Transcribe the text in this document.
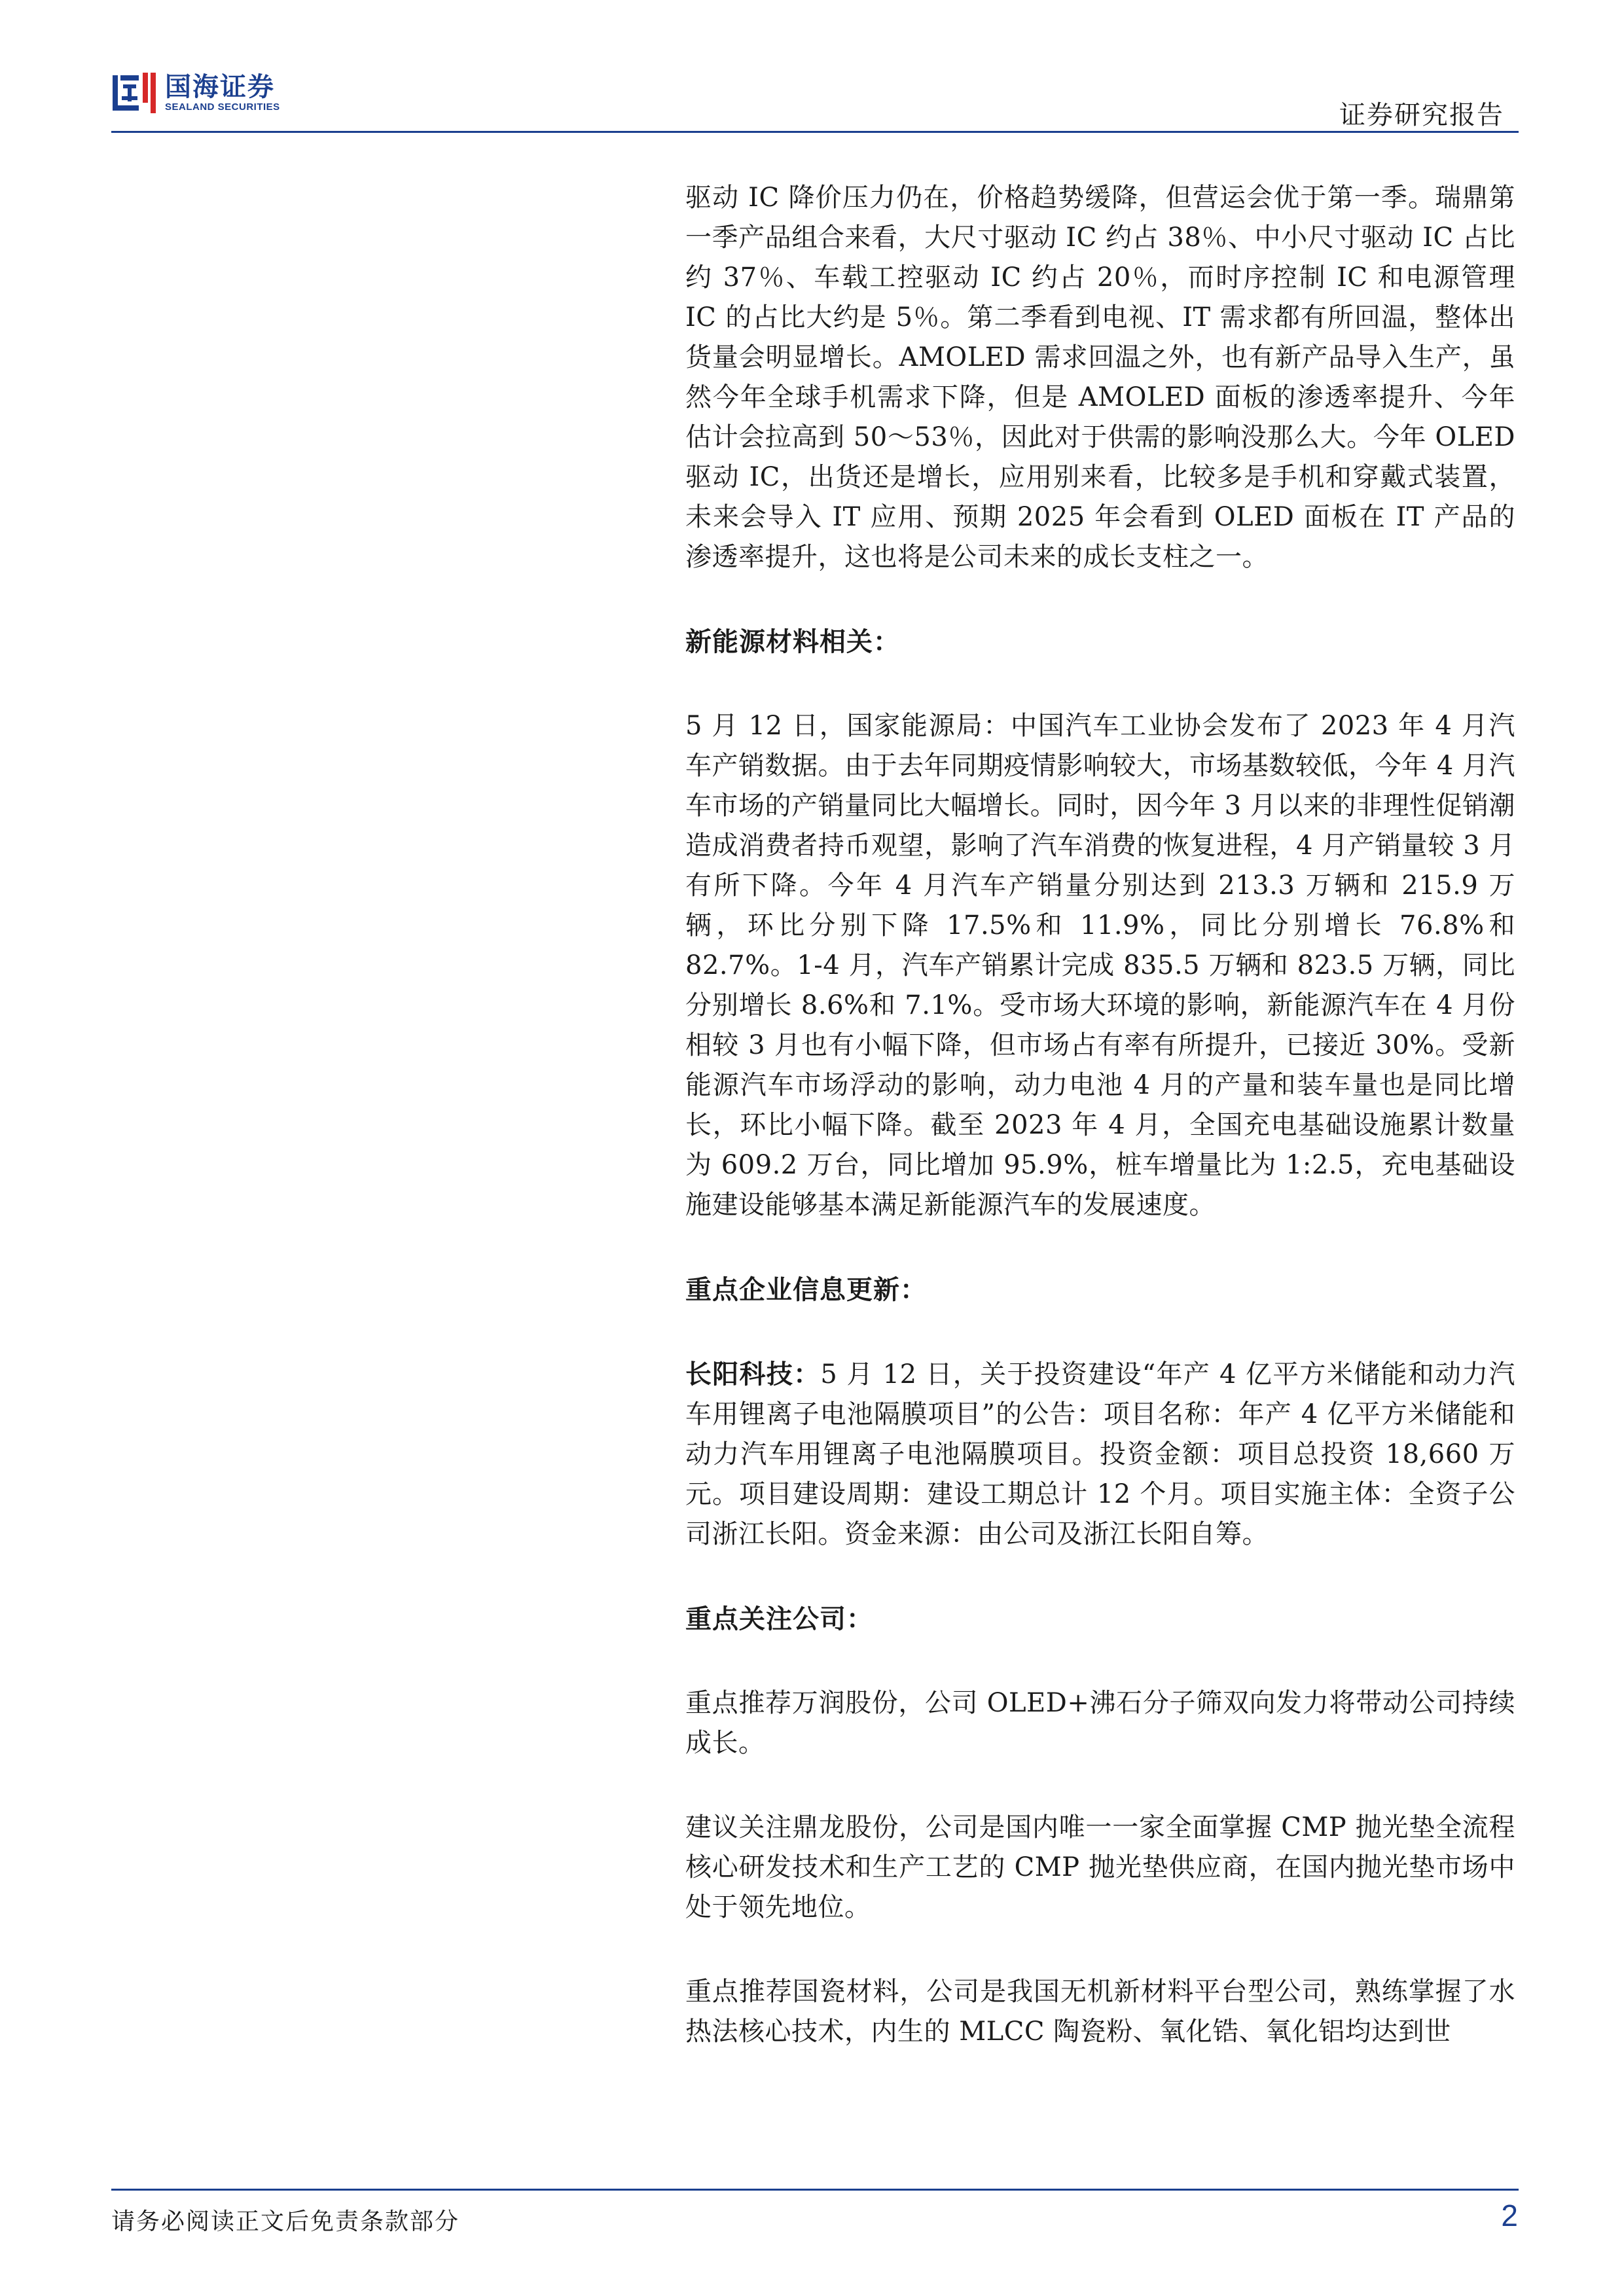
国海证券
SEALAND SECURITIES	证券研究报告

驱动 IC 降价压力仍在，价格趋势缓降，但营运会优于第一季。瑞鼎第一季产品组合来看，大尺寸驱动 IC 约占 38％、中小尺寸驱动 IC 占比约 37％、车载工控驱动 IC 约占 20％，而时序控制 IC 和电源管理 IC 的占比大约是 5％。第二季看到电视、IT 需求都有所回温，整体出货量会明显增长。AMOLED 需求回温之外，也有新产品导入生产，虽然今年全球手机需求下降，但是 AMOLED 面板的渗透率提升、今年估计会拉高到 50～53％，因此对于供需的影响没那么大。今年 OLED 驱动 IC，出货还是增长，应用别来看，比较多是手机和穿戴式装置，未来会导入 IT 应用、预期 2025 年会看到 OLED 面板在 IT 产品的渗透率提升，这也将是公司未来的成长支柱之一。

新能源材料相关：

5 月 12 日，国家能源局：中国汽车工业协会发布了 2023 年 4 月汽车产销数据。由于去年同期疫情影响较大，市场基数较低，今年 4 月汽车市场的产销量同比大幅增长。同时，因今年 3 月以来的非理性促销潮造成消费者持币观望，影响了汽车消费的恢复进程，4 月产销量较 3 月有所下降。今年 4 月汽车产销量分别达到 213.3 万辆和 215.9 万辆，环比分别下降 17.5%和 11.9%，同比分别增长 76.8%和 82.7%。1-4 月，汽车产销累计完成 835.5 万辆和 823.5 万辆，同比分别增长 8.6%和 7.1%。受市场大环境的影响，新能源汽车在 4 月份相较 3 月也有小幅下降，但市场占有率有所提升，已接近 30%。受新能源汽车市场浮动的影响，动力电池 4 月的产量和装车量也是同比增长，环比小幅下降。截至 2023 年 4 月，全国充电基础设施累计数量为 609.2 万台，同比增加 95.9%，桩车增量比为 1:2.5，充电基础设施建设能够基本满足新能源汽车的发展速度。

重点企业信息更新：

长阳科技：5 月 12 日，关于投资建设“年产 4 亿平方米储能和动力汽车用锂离子电池隔膜项目”的公告：项目名称：年产 4 亿平方米储能和动力汽车用锂离子电池隔膜项目。投资金额：项目总投资 18,660 万元。项目建设周期：建设工期总计 12 个月。项目实施主体：全资子公司浙江长阳。资金来源：由公司及浙江长阳自筹。

重点关注公司：

重点推荐万润股份，公司 OLED+沸石分子筛双向发力将带动公司持续成长。

建议关注鼎龙股份，公司是国内唯一一家全面掌握 CMP 抛光垫全流程核心研发技术和生产工艺的 CMP 抛光垫供应商，在国内抛光垫市场中处于领先地位。

重点推荐国瓷材料，公司是我国无机新材料平台型公司，熟练掌握了水热法核心技术，内生的 MLCC 陶瓷粉、氧化锆、氧化铝均达到世

请务必阅读正文后免责条款部分	2
